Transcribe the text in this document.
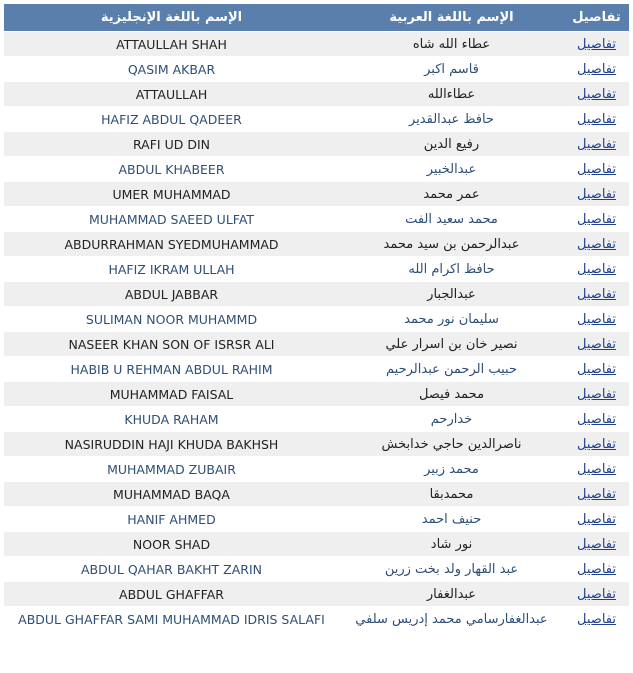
تفاصيل	الإسم باللغة العربية	الإسم باللغة الإنجليزية
تفاصيل	عطاء الله شاه	ATTAULLAH SHAH
تفاصيل	قاسم اكبر	QASIM AKBAR
تفاصيل	عطاءالله	ATTAULLAH
تفاصيل	حافظ عبدالقدير	HAFIZ ABDUL QADEER
تفاصيل	رفيع الدين	RAFI UD DIN
تفاصيل	عبدالخبير	ABDUL KHABEER
تفاصيل	عمر محمد	UMER MUHAMMAD
تفاصيل	محمد سعيد الفت	MUHAMMAD SAEED ULFAT
تفاصيل	عبدالرحمن بن سيد محمد	ABDURRAHMAN SYEDMUHAMMAD
تفاصيل	حافظ اكرام الله	HAFIZ IKRAM ULLAH
تفاصيل	عبدالجبار	ABDUL JABBAR
تفاصيل	سليمان نور محمد	SULIMAN NOOR MUHAMMD
تفاصيل	نصير خان بن اسرار علي	NASEER KHAN SON OF ISRSR ALI
تفاصيل	حبيب الرحمن عبدالرحيم	HABIB U REHMAN ABDUL RAHIM
تفاصيل	محمد فيصل	MUHAMMAD FAISAL
تفاصيل	خدارحم	KHUDA RAHAM
تفاصيل	ناصرالدين حاجي خدابخش	NASIRUDDIN HAJI KHUDA BAKHSH
تفاصيل	محمد زبير	MUHAMMAD ZUBAIR
تفاصيل	محمدبقا	MUHAMMAD BAQA
تفاصيل	حنيف احمد	HANIF AHMED
تفاصيل	نور شاد	NOOR SHAD
تفاصيل	عبد القهار ولد بخت زرين	ABDUL QAHAR BAKHT ZARIN
تفاصيل	عبدالغفار	ABDUL GHAFFAR
تفاصيل	عبدالغفارسامي محمد إدريس سلفي	ABDUL GHAFFAR SAMI MUHAMMAD IDRIS SALAFI
